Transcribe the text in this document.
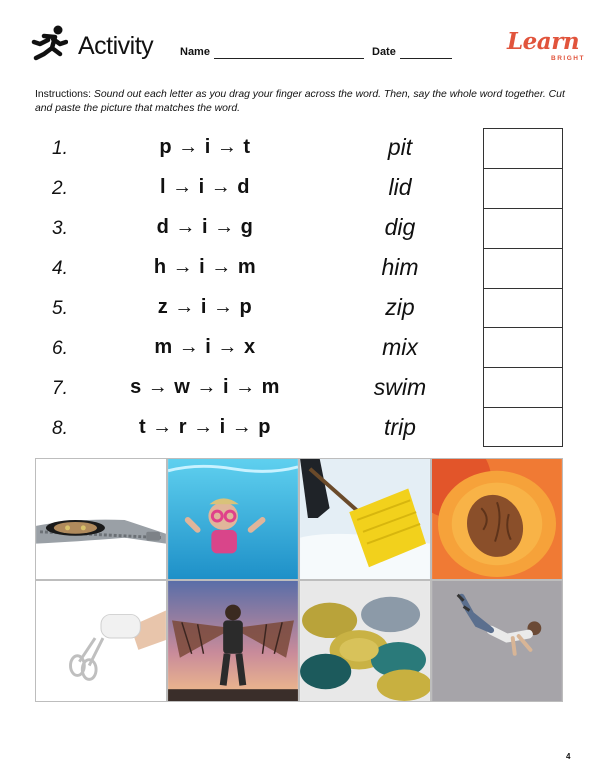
Activity Name	Date	Learn
BRIGHT
Instructions: Sound out each letter as you drag your finger across the word. Then, say the whole word together. Cut and paste the picture that matches the word.
1.	p → i → t	pit
2.	l → i → d	lid
3.	d → i → g	dig
4.	h → i → m	him
5.	z → i → p	zip
6.	m → i → x	mix
7.	s → w → i → m	swim
8.	t → r → i → p	trip
4
